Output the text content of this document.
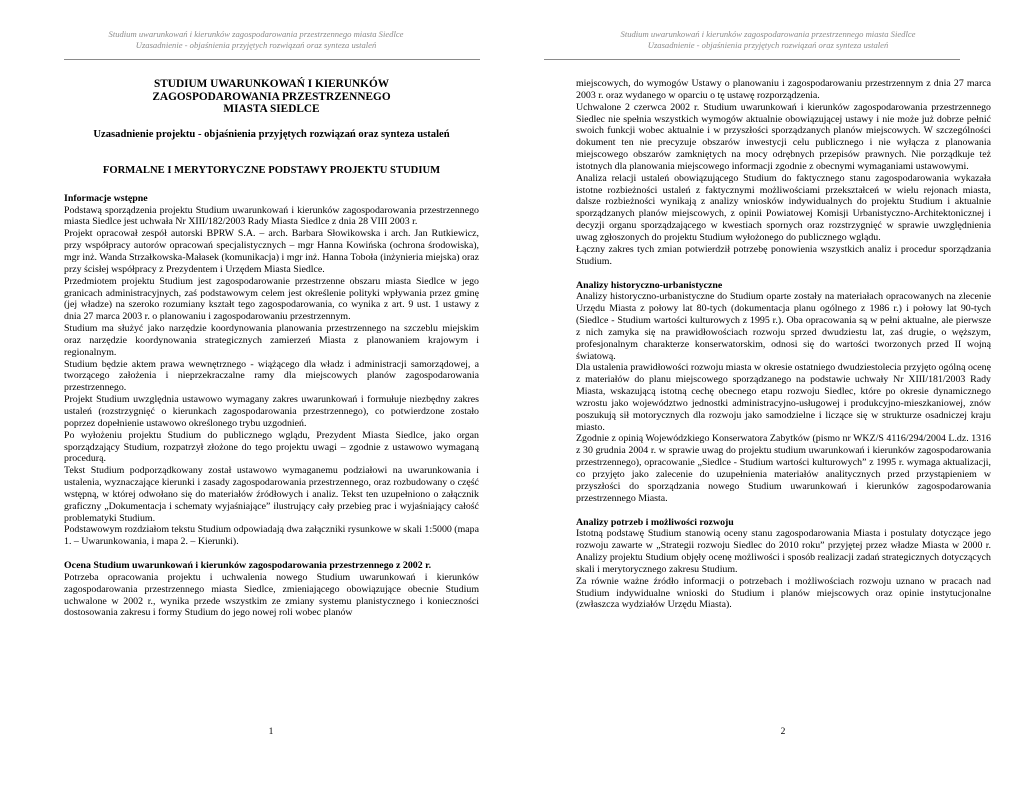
Studium uwarunkowań i kierunków zagospodarowania przestrzennego miasta Siedlce
Uzasadnienie - objaśnienia przyjętych rozwiązań oraz synteza ustaleń
STUDIUM UWARUNKOWAŃ I KIERUNKÓW
ZAGOSPODAROWANIA PRZESTRZENNEGO
MIASTA SIEDLCE
Uzasadnienie projektu - objaśnienia przyjętych rozwiązań oraz synteza ustaleń
FORMALNE I MERYTORYCZNE PODSTAWY PROJEKTU STUDIUM

Informacje wstępne

Podstawą sporządzenia projektu Studium uwarunkowań i kierunków zagospodarowania przestrzennego miasta Siedlce jest uchwała Nr XIII/182/2003 Rady Miasta Siedlce z dnia 28 VIII 2003 r.

Projekt opracował zespół autorski BPRW S.A. – arch. Barbara Słowikowska i arch. Jan Rutkiewicz, przy współpracy autorów opracowań specjalistycznych – mgr Hanna Kowińska (ochrona środowiska), mgr inż. Wanda Strzałkowska-Małasek (komunikacja) i mgr inż. Hanna Toboła (inżynieria miejska) oraz przy ścisłej współpracy z Prezydentem i Urzędem Miasta Siedlce.

Przedmiotem projektu Studium jest zagospodarowanie przestrzenne obszaru miasta Siedlce w jego granicach administracyjnych, zaś podstawowym celem jest określenie polityki wpływania przez gminę (jej władze) na szeroko rozumiany kształt tego zagospodarowania, co wynika z art. 9 ust. 1 ustawy z dnia 27 marca 2003 r. o planowaniu i zagospodarowaniu przestrzennym.

Studium ma służyć jako narzędzie koordynowania planowania przestrzennego na szczeblu miejskim oraz narzędzie koordynowania strategicznych zamierzeń Miasta z planowaniem krajowym i regionalnym.

Studium będzie aktem prawa wewnętrznego - wiążącego dla władz i administracji samorządowej, a tworzącego założenia i nieprzekraczalne ramy dla miejscowych planów zagospodarowania przestrzennego.

Projekt Studium uwzględnia ustawowo wymagany zakres uwarunkowań i formułuje niezbędny zakres ustaleń (rozstrzygnięć o kierunkach zagospodarowania przestrzennego), co potwierdzone zostało poprzez dopełnienie ustawowo określonego trybu uzgodnień.

Po wyłożeniu projektu Studium do publicznego wglądu, Prezydent Miasta Siedlce, jako organ sporządzający Studium, rozpatrzył złożone do tego projektu uwagi – zgodnie z ustawowo wymaganą procedurą.

Tekst Studium podporządkowany został ustawowo wymaganemu podziałowi na uwarunkowania i ustalenia, wyznaczające kierunki i zasady zagospodarowania przestrzennego, oraz rozbudowany o część wstępną, w której odwołano się do materiałów źródłowych i analiz. Tekst ten uzupełniono o załącznik graficzny „Dokumentacja i schematy wyjaśniające” ilustrujący cały przebieg prac i wyjaśniający całość problematyki Studium.

Podstawowym rozdziałom tekstu Studium odpowiadają dwa załączniki rysunkowe w skali 1:5000 (mapa 1. – Uwarunkowania, i mapa 2. – Kierunki).

Ocena Studium uwarunkowań i kierunków zagospodarowania przestrzennego z 2002 r.

Potrzeba opracowania projektu i uchwalenia nowego Studium uwarunkowań i kierunków zagospodarowania przestrzennego miasta Siedlce, zmieniającego obowiązujące obecnie Studium uchwalone w 2002 r., wynika przede wszystkim ze zmiany systemu planistycznego i konieczności dostosowania zakresu i formy Studium do jego nowej roli wobec planów

1
Studium uwarunkowań i kierunków zagospodarowania przestrzennego miasta Siedlce
Uzasadnienie - objaśnienia przyjętych rozwiązań oraz synteza ustaleń

miejscowych, do wymogów Ustawy o planowaniu i zagospodarowaniu przestrzennym z dnia 27 marca 2003 r. oraz wydanego w oparciu o tę ustawę rozporządzenia.

Uchwalone 2 czerwca 2002 r. Studium uwarunkowań i kierunków zagospodarowania przestrzennego Siedlec nie spełnia wszystkich wymogów aktualnie obowiązującej ustawy i nie może już dobrze pełnić swoich funkcji wobec aktualnie i w przyszłości sporządzanych planów miejscowych. W szczególności dokument ten nie precyzuje obszarów inwestycji celu publicznego i nie wyłącza z planowania miejscowego obszarów zamkniętych na mocy odrębnych przepisów prawnych. Nie porządkuje też istotnych dla planowania miejscowego informacji zgodnie z obecnymi wymaganiami ustawowymi.

Analiza relacji ustaleń obowiązującego Studium do faktycznego stanu zagospodarowania wykazała istotne rozbieżności ustaleń z faktycznymi możliwościami przekształceń w wielu rejonach miasta, dalsze rozbieżności wynikają z analizy wniosków indywidualnych do projektu Studium i aktualnie sporządzanych planów miejscowych, z opinii Powiatowej Komisji Urbanistyczno-Architektonicznej i decyzji organu sporządzającego w kwestiach spornych oraz rozstrzygnięć w sprawie uwzględnienia uwag zgłoszonych do projektu Studium wyłożonego do publicznego wglądu.

Łączny zakres tych zmian potwierdził potrzebę ponowienia wszystkich analiz i procedur sporządzania Studium.

Analizy historyczno-urbanistyczne

Analizy historyczno-urbanistyczne do Studium oparte zostały na materiałach opracowanych na zlecenie Urzędu Miasta z połowy lat 80-tych (dokumentacja planu ogólnego z 1986 r.) i połowy lat 90-tych (Siedlce - Studium wartości kulturowych z 1995 r.). Oba opracowania są w pełni aktualne, ale pierwsze z nich zamyka się na prawidłowościach rozwoju sprzed dwudziestu lat, zaś drugie, o węższym, profesjonalnym charakterze konserwatorskim, odnosi się do wartości tworzonych przed II wojną światową.

Dla ustalenia prawidłowości rozwoju miasta w okresie ostatniego dwudziestolecia przyjęto ogólną ocenę z materiałów do planu miejscowego sporządzanego na podstawie uchwały Nr XIII/181/2003 Rady Miasta, wskazującą istotną cechę obecnego etapu rozwoju Siedlec, które po okresie dynamicznego wzrostu jako województwo jednostki administracyjno-usługowej i produkcyjno-mieszkaniowej, znów poszukują sił motorycznych dla rozwoju jako samodzielne i liczące się w strukturze osadniczej kraju miasto.

Zgodnie z opinią Wojewódzkiego Konserwatora Zabytków (pismo nr WKZ/S 4116/294/2004 L.dz. 1316 z 30 grudnia 2004 r. w sprawie uwag do projektu studium uwarunkowań i kierunków zagospodarowania przestrzennego), opracowanie „Siedlce - Studium wartości kulturowych” z 1995 r. wymaga aktualizacji, co przyjęto jako zalecenie do uzupełnienia materiałów analitycznych przed przystąpieniem w przyszłości do sporządzania nowego Studium uwarunkowań i kierunków zagospodarowania przestrzennego Miasta.

Analizy potrzeb i możliwości rozwoju

Istotną podstawę Studium stanowią oceny stanu zagospodarowania Miasta i postulaty dotyczące jego rozwoju zawarte w „Strategii rozwoju Siedlec do 2010 roku” przyjętej przez władze Miasta w 2000 r. Analizy projektu Studium objęły ocenę możliwości i sposób realizacji zadań strategicznych dotyczących skali i merytorycznego zakresu Studium.

Za równie ważne źródło informacji o potrzebach i możliwościach rozwoju uznano w pracach nad Studium indywidualne wnioski do Studium i planów miejscowych oraz opinie instytucjonalne (zwłaszcza wydziałów Urzędu Miasta).

2
